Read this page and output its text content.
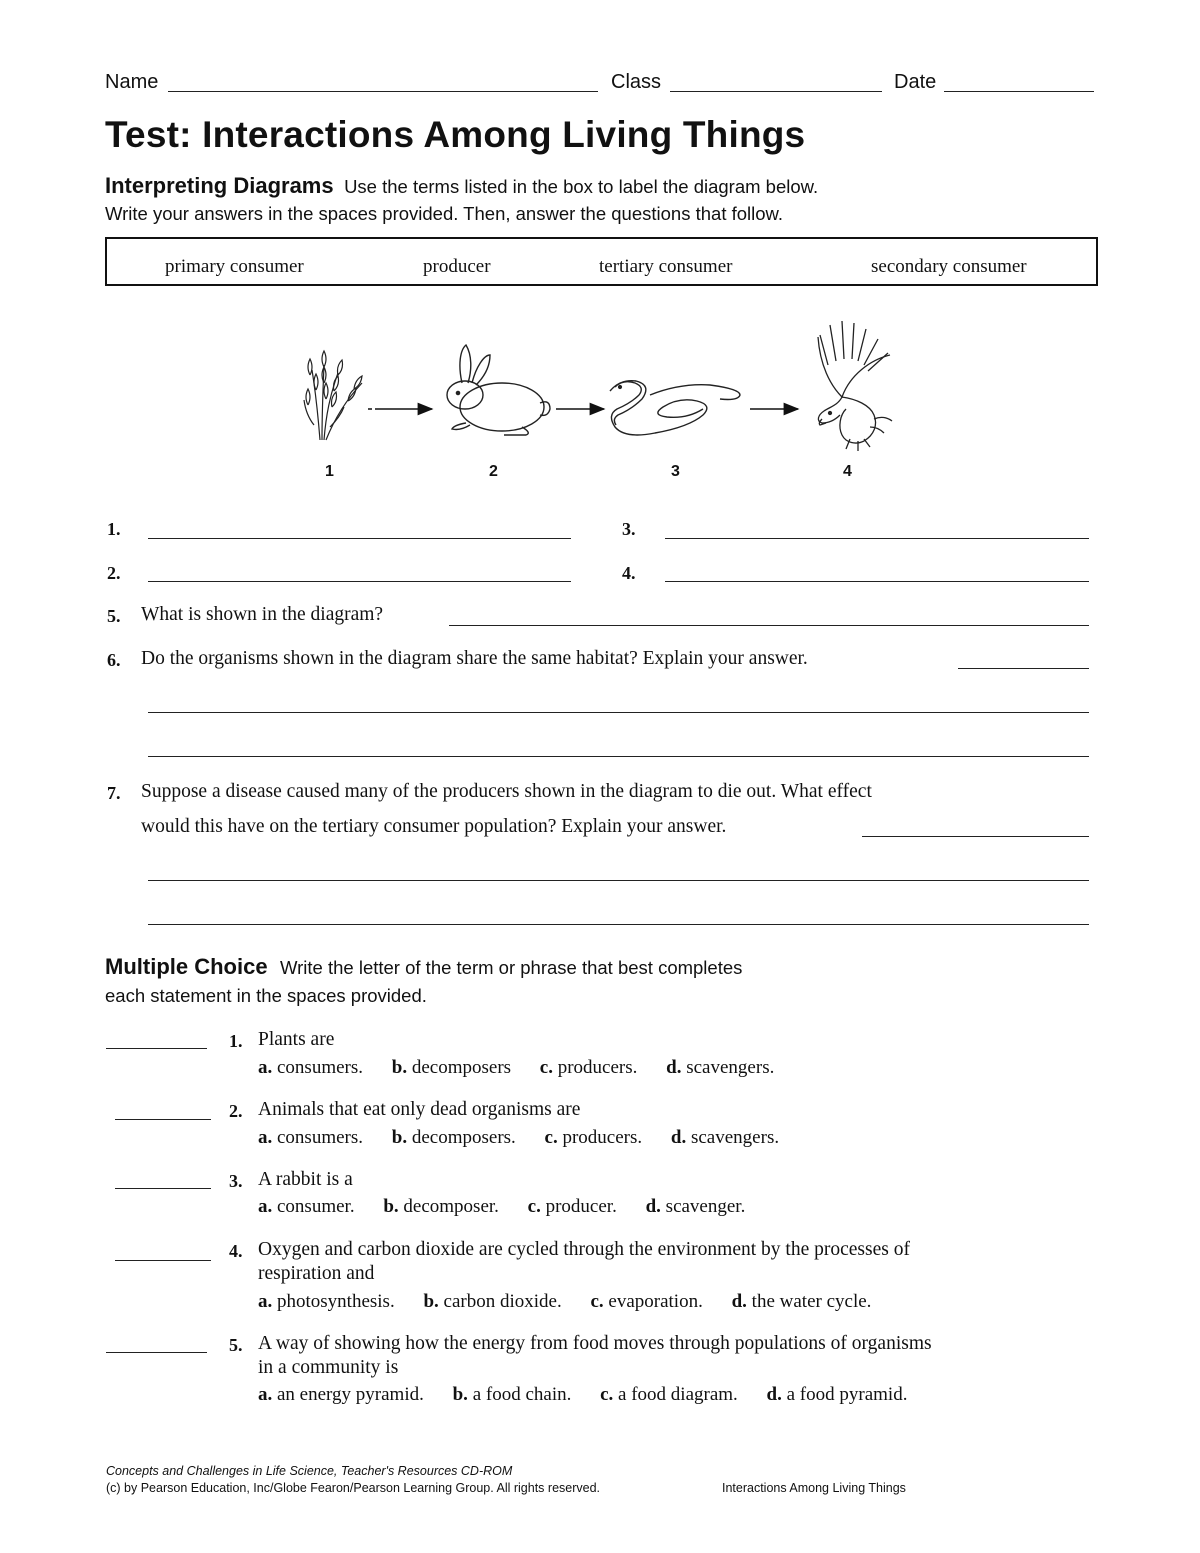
Name	Class	Date
Test: Interactions Among Living Things
Interpreting Diagrams Use the terms listed in the box to label the diagram below.
Write your answers in the spaces provided. Then, answer the questions that follow.
primary consumer	producer	tertiary consumer	secondary consumer
1	2	3	4
1.
2.
3.
4.
5. What is shown in the diagram?
6. Do the organisms shown in the diagram share the same habitat? Explain your answer.
7. Suppose a disease caused many of the producers shown in the diagram to die out. What effect
would this have on the tertiary consumer population? Explain your answer.
Multiple Choice Write the letter of the term or phrase that best completes
each statement in the spaces provided.
1. Plants are
a. consumers. b. decomposers c. producers. d. scavengers.
2. Animals that eat only dead organisms are
a. consumers. b. decomposers. c. producers. d. scavengers.
3. A rabbit is a
a. consumer. b. decomposer. c. producer. d. scavenger.
4. Oxygen and carbon dioxide are cycled through the environment by the processes of
respiration and
a. photosynthesis. b. carbon dioxide. c. evaporation. d. the water cycle.
5. A way of showing how the energy from food moves through populations of organisms
in a community is
a. an energy pyramid. b. a food chain. c. a food diagram. d. a food pyramid.
Concepts and Challenges in Life Science, Teacher's Resources CD-ROM
(c) by Pearson Education, Inc/Globe Fearon/Pearson Learning Group. All rights reserved.	Interactions Among Living Things
